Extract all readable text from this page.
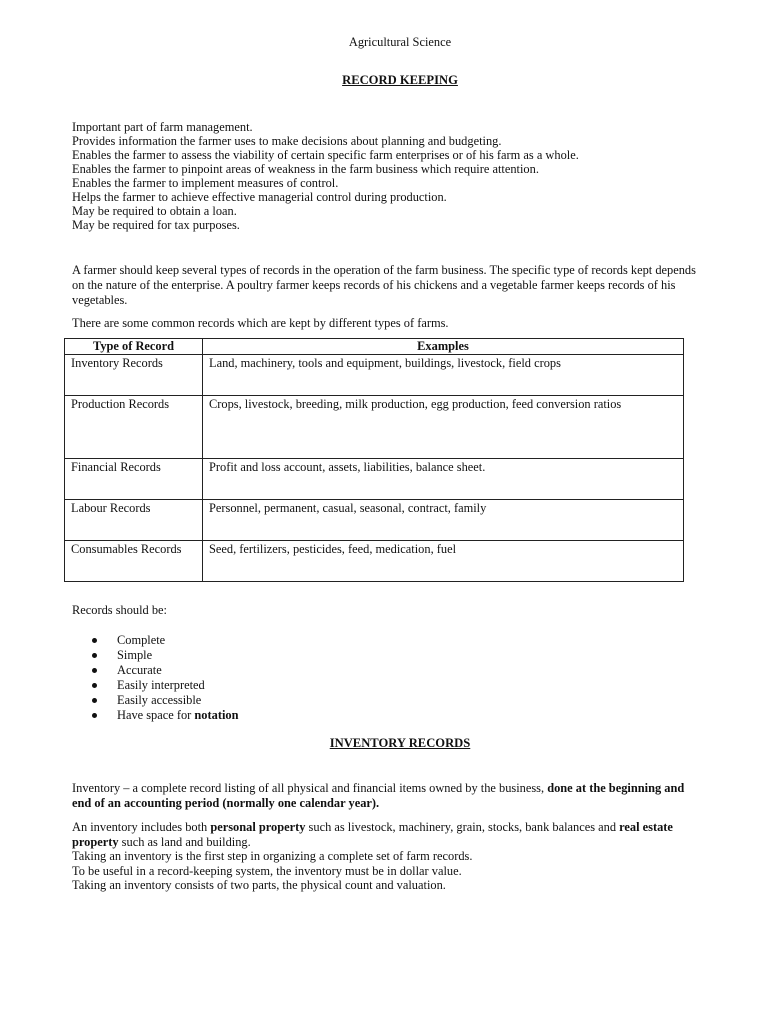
Agricultural Science
RECORD KEEPING
Important part of farm management.
Provides information the farmer uses to make decisions about planning and budgeting.
Enables the farmer to assess the viability of certain specific farm enterprises or of his farm as a whole.
Enables the farmer to pinpoint areas of weakness in the farm business which require attention.
Enables the farmer to implement measures of control.
Helps the farmer to achieve effective managerial control during production.
May be required to obtain a loan.
May be required for tax purposes.
A farmer should keep several types of records in the operation of the farm business. The specific type of records kept depends on the nature of the enterprise. A poultry farmer keeps records of his chickens and a vegetable farmer keeps records of his vegetables.
There are some common records which are kept by different types of farms.
Type of Record	Examples
Inventory Records	Land, machinery, tools and equipment, buildings, livestock, field crops
Production Records	Crops, livestock, breeding, milk production, egg production, feed conversion ratios
Financial Records	Profit and loss account, assets, liabilities, balance sheet.
Labour Records	Personnel, permanent, casual, seasonal, contract, family
Consumables Records	Seed, fertilizers, pesticides, feed, medication, fuel
Records should be:
Complete
Simple
Accurate
Easily interpreted
Easily accessible
Have space for notation
INVENTORY RECORDS
Inventory – a complete record listing of all physical and financial items owned by the business, done at the beginning and end of an accounting period (normally one calendar year).
An inventory includes both personal property such as livestock, machinery, grain, stocks, bank balances and real estate property such as land and building.
Taking an inventory is the first step in organizing a complete set of farm records.
To be useful in a record-keeping system, the inventory must be in dollar value.
Taking an inventory consists of two parts, the physical count and valuation.
